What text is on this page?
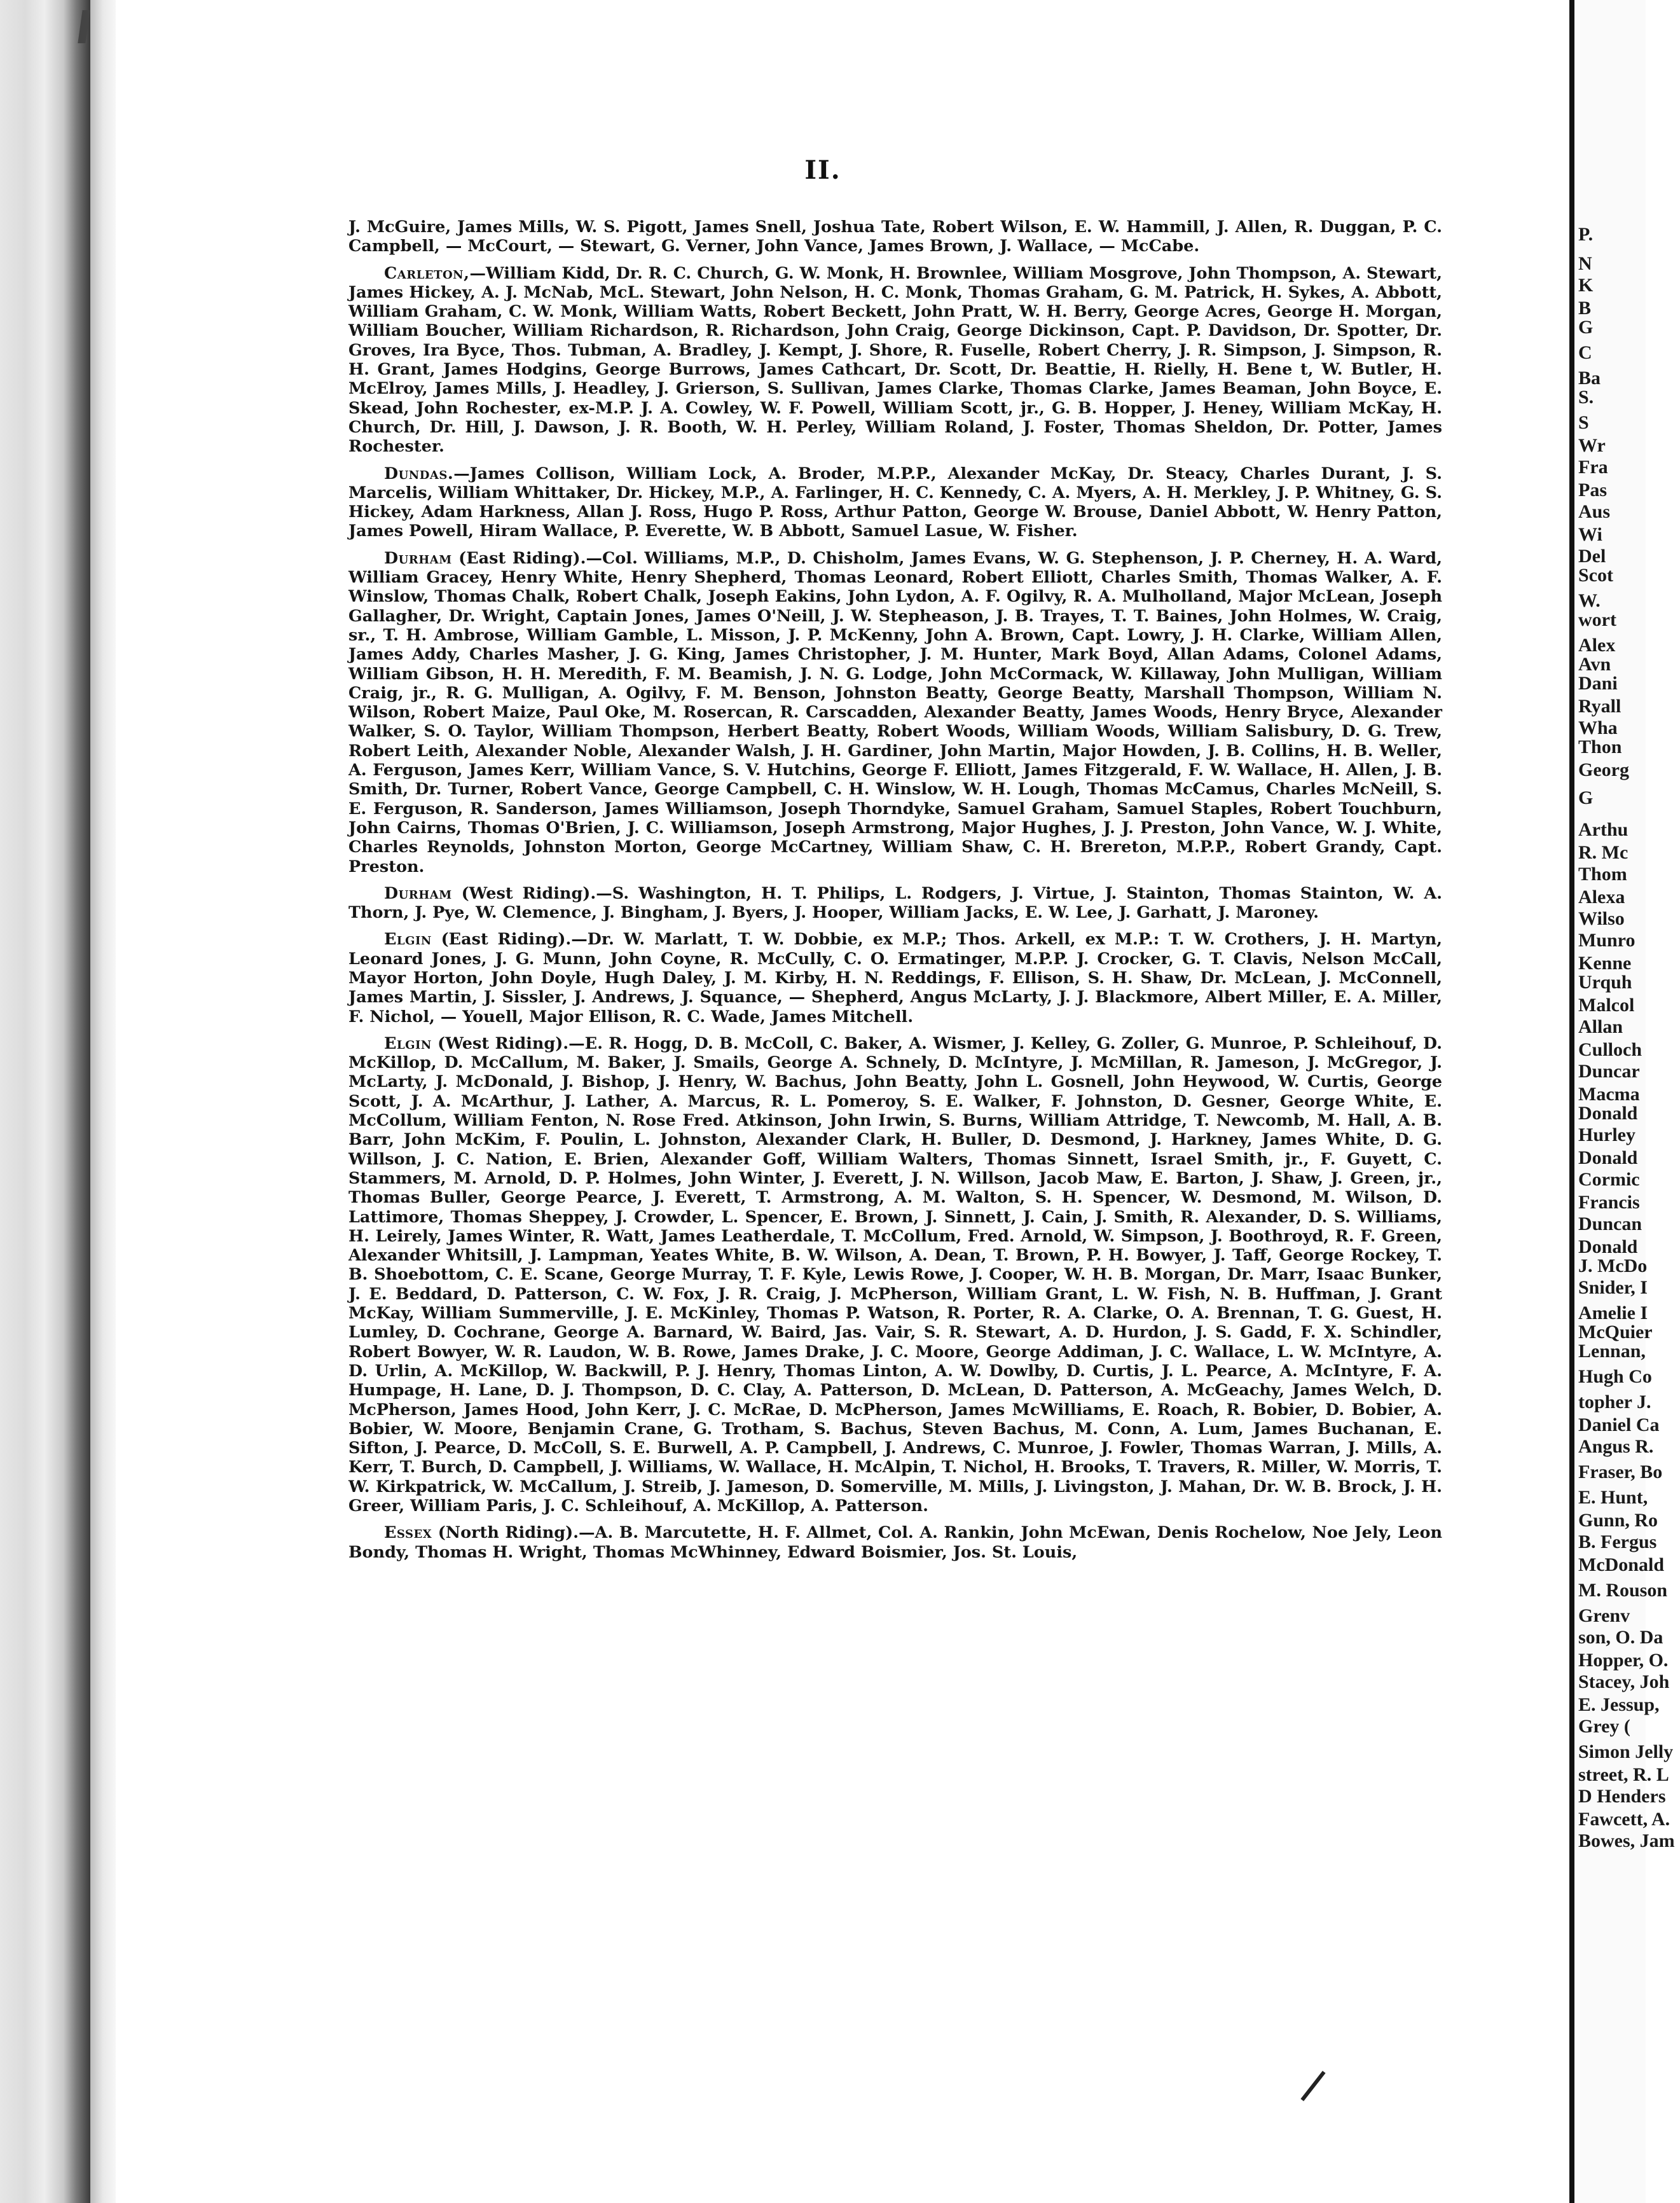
II.

J. McGuire, James Mills, W. S. Pigott, James Snell, Joshua Tate, Robert Wilson, E. W. Hammill, J. Allen, R. Duggan, P. C. Campbell, — McCourt, — Stewart, G. Verner, John Vance, James Brown, J. Wallace, — McCabe.

Carleton,—William Kidd, Dr. R. C. Church, G. W. Monk, H. Brownlee, William Mosgrove, John Thompson, A. Stewart, James Hickey, A. J. McNab, McL. Stewart, John Nelson, H. C. Monk, Thomas Graham, G. M. Patrick, H. Sykes, A. Abbott, William Graham, C. W. Monk, William Watts, Robert Beckett, John Pratt, W. H. Berry, George Acres, George H. Morgan, William Boucher, William Richardson, R. Richardson, John Craig, George Dickinson, Capt. P. Davidson, Dr. Spotter, Dr. Groves, Ira Byce, Thos. Tubman, A. Bradley, J. Kempt, J. Shore, R. Fuselle, Robert Cherry, J. R. Simpson, J. Simpson, R. H. Grant, James Hodgins, George Burrows, James Cathcart, Dr. Scott, Dr. Beattie, H. Rielly, H. Bene t, W. Butler, H. McElroy, James Mills, J. Headley, J. Grierson, S. Sullivan, James Clarke, Thomas Clarke, James Beaman, John Boyce, E. Skead, John Rochester, ex-M.P. J. A. Cowley, W. F. Powell, William Scott, jr., G. B. Hopper, J. Heney, William McKay, H. Church, Dr. Hill, J. Dawson, J. R. Booth, W. H. Perley, William Roland, J. Foster, Thomas Sheldon, Dr. Potter, James Rochester.

Dundas.—James Collison, William Lock, A. Broder, M.P.P., Alexander McKay, Dr. Steacy, Charles Durant, J. S. Marcelis, William Whittaker, Dr. Hickey, M.P., A. Farlinger, H. C. Kennedy, C. A. Myers, A. H. Merkley, J. P. Whitney, G. S. Hickey, Adam Harkness, Allan J. Ross, Hugo P. Ross, Arthur Patton, George W. Brouse, Daniel Abbott, W. Henry Patton, James Powell, Hiram Wallace, P. Everette, W. B Abbott, Samuel Lasue, W. Fisher.

Durham (East Riding).—Col. Williams, M.P., D. Chisholm, James Evans, W. G. Stephenson, J. P. Cherney, H. A. Ward, William Gracey, Henry White, Henry Shepherd, Thomas Leonard, Robert Elliott, Charles Smith, Thomas Walker, A. F. Winslow, Thomas Chalk, Robert Chalk, Joseph Eakins, John Lydon, A. F. Ogilvy, R. A. Mulholland, Major McLean, Joseph Gallagher, Dr. Wright, Captain Jones, James O'Neill, J. W. Stepheason, J. B. Trayes, T. T. Baines, John Holmes, W. Craig, sr., T. H. Ambrose, William Gamble, L. Misson, J. P. McKenny, John A. Brown, Capt. Lowry, J. H. Clarke, William Allen, James Addy, Charles Masher, J. G. King, James Christopher, J. M. Hunter, Mark Boyd, Allan Adams, Colonel Adams, William Gibson, H. H. Meredith, F. M. Beamish, J. N. G. Lodge, John McCormack, W. Killaway, John Mulligan, William Craig, jr., R. G. Mulligan, A. Ogilvy, F. M. Benson, Johnston Beatty, George Beatty, Marshall Thompson, William N. Wilson, Robert Maize, Paul Oke, M. Rosercan, R. Carscadden, Alexander Beatty, James Woods, Henry Bryce, Alexander Walker, S. O. Taylor, William Thompson, Herbert Beatty, Robert Woods, William Woods, William Salisbury, D. G. Trew, Robert Leith, Alexander Noble, Alexander Walsh, J. H. Gardiner, John Martin, Major Howden, J. B. Collins, H. B. Weller, A. Ferguson, James Kerr, William Vance, S. V. Hutchins, George F. Elliott, James Fitzgerald, F. W. Wallace, H. Allen, J. B. Smith, Dr. Turner, Robert Vance, George Campbell, C. H. Winslow, W. H. Lough, Thomas McCamus, Charles McNeill, S. E. Ferguson, R. Sanderson, James Williamson, Joseph Thorndyke, Samuel Graham, Samuel Staples, Robert Touchburn, John Cairns, Thomas O'Brien, J. C. Williamson, Joseph Armstrong, Major Hughes, J. J. Preston, John Vance, W. J. White, Charles Reynolds, Johnston Morton, George McCartney, William Shaw, C. H. Brereton, M.P.P., Robert Grandy, Capt. Preston.

Durham (West Riding).—S. Washington, H. T. Philips, L. Rodgers, J. Virtue, J. Stainton, Thomas Stainton, W. A. Thorn, J. Pye, W. Clemence, J. Bingham, J. Byers, J. Hooper, William Jacks, E. W. Lee, J. Garhatt, J. Maroney.

Elgin (East Riding).—Dr. W. Marlatt, T. W. Dobbie, ex M.P.; Thos. Arkell, ex M.P.: T. W. Crothers, J. H. Martyn, Leonard Jones, J. G. Munn, John Coyne, R. McCully, C. O. Ermatinger, M.P.P. J. Crocker, G. T. Clavis, Nelson McCall, Mayor Horton, John Doyle, Hugh Daley, J. M. Kirby, H. N. Reddings, F. Ellison, S. H. Shaw, Dr. McLean, J. McConnell, James Martin, J. Sissler, J. Andrews, J. Squance, — Shepherd, Angus McLarty, J. J. Blackmore, Albert Miller, E. A. Miller, F. Nichol, — Youell, Major Ellison, R. C. Wade, James Mitchell.

Elgin (West Riding).—E. R. Hogg, D. B. McColl, C. Baker, A. Wismer, J. Kelley, G. Zoller, G. Munroe, P. Schleihouf, D. McKillop, D. McCallum, M. Baker, J. Smails, George A. Schnely, D. McIntyre, J. McMillan, R. Jameson, J. McGregor, J. McLarty, J. McDonald, J. Bishop, J. Henry, W. Bachus, John Beatty, John L. Gosnell, John Heywood, W. Curtis, George Scott, J. A. McArthur, J. Lather, A. Marcus, R. L. Pomeroy, S. E. Walker, F. Johnston, D. Gesner, George White, E. McCollum, William Fenton, N. Rose Fred. Atkinson, John Irwin, S. Burns, William Attridge, T. Newcomb, M. Hall, A. B. Barr, John McKim, F. Poulin, L. Johnston, Alexander Clark, H. Buller, D. Desmond, J. Harkney, James White, D. G. Willson, J. C. Nation, E. Brien, Alexander Goff, William Walters, Thomas Sinnett, Israel Smith, jr., F. Guyett, C. Stammers, M. Arnold, D. P. Holmes, John Winter, J. Everett, J. N. Willson, Jacob Maw, E. Barton, J. Shaw, J. Green, jr., Thomas Buller, George Pearce, J. Everett, T. Armstrong, A. M. Walton, S. H. Spencer, W. Desmond, M. Wilson, D. Lattimore, Thomas Sheppey, J. Crowder, L. Spencer, E. Brown, J. Sinnett, J. Cain, J. Smith, R. Alexander, D. S. Williams, H. Leirely, James Winter, R. Watt, James Leatherdale, T. McCollum, Fred. Arnold, W. Simpson, J. Boothroyd, R. F. Green, Alexander Whitsill, J. Lampman, Yeates White, B. W. Wilson, A. Dean, T. Brown, P. H. Bowyer, J. Taff, George Rockey, T. B. Shoebottom, C. E. Scane, George Murray, T. F. Kyle, Lewis Rowe, J. Cooper, W. H. B. Morgan, Dr. Marr, Isaac Bunker, J. E. Beddard, D. Patterson, C. W. Fox, J. R. Craig, J. McPherson, William Grant, L. W. Fish, N. B. Huffman, J. Grant McKay, William Summerville, J. E. McKinley, Thomas P. Watson, R. Porter, R. A. Clarke, O. A. Brennan, T. G. Guest, H. Lumley, D. Cochrane, George A. Barnard, W. Baird, Jas. Vair, S. R. Stewart, A. D. Hurdon, J. S. Gadd, F. X. Schindler, Robert Bowyer, W. R. Laudon, W. B. Rowe, James Drake, J. C. Moore, George Addiman, J. C. Wallace, L. W. McIntyre, A. D. Urlin, A. McKillop, W. Backwill, P. J. Henry, Thomas Linton, A. W. Dowlby, D. Curtis, J. L. Pearce, A. McIntyre, F. A. Humpage, H. Lane, D. J. Thompson, D. C. Clay, A. Patterson, D. McLean, D. Patterson, A. McGeachy, James Welch, D. McPherson, James Hood, John Kerr, J. C. McRae, D. McPherson, James McWilliams, E. Roach, R. Bobier, D. Bobier, A. Bobier, W. Moore, Benjamin Crane, G. Trotham, S. Bachus, Steven Bachus, M. Conn, A. Lum, James Buchanan, E. Sifton, J. Pearce, D. McColl, S. E. Burwell, A. P. Campbell, J. Andrews, C. Munroe, J. Fowler, Thomas Warran, J. Mills, A. Kerr, T. Burch, D. Campbell, J. Williams, W. Wallace, H. McAlpin, T. Nichol, H. Brooks, T. Travers, R. Miller, W. Morris, T. W. Kirkpatrick, W. McCallum, J. Streib, J. Jameson, D. Somerville, M. Mills, J. Livingston, J. Mahan, Dr. W. B. Brock, J. H. Greer, William Paris, J. C. Schleihouf, A. McKillop, A. Patterson.

Essex (North Riding).—A. B. Marcutette, H. F. Allmet, Col. A. Rankin, John McEwan, Denis Rochelow, Noe Jely, Leon Bondy, Thomas H. Wright, Thomas McWhinney, Edward Boismier, Jos. St. Louis,

P.
N
K
B
G
C
Ba
S.
S
Wr
Fra
Pas
Aus
Wi
Del
Scot
W.
wort
Alex
Avn
Dani
Ryall
Wha
Thon
Georg
G
Arthu
R. Mc
Thom
Alexa
Wilso
Munro
Kenne
Urquh
Malcol
Allan
Culloch
Duncar
Macma
Donald
Hurley
Donald
Cormic
Francis
Duncan
Donald
J. McDo
Snider, I
Amelie I
McQuier
Lennan,
Hugh Co
topher J.
Daniel Ca
Angus R.
Fraser, Bo
E. Hunt,
Gunn, Ro
B. Fergus
McDonald
M. Rouson
Grenv
son, O. Da
Hopper, O.
Stacey, Joh
E. Jessup,
Grey (
Simon Jelly
street, R. L
D Henders
Fawcett, A.
Bowes, Jam
